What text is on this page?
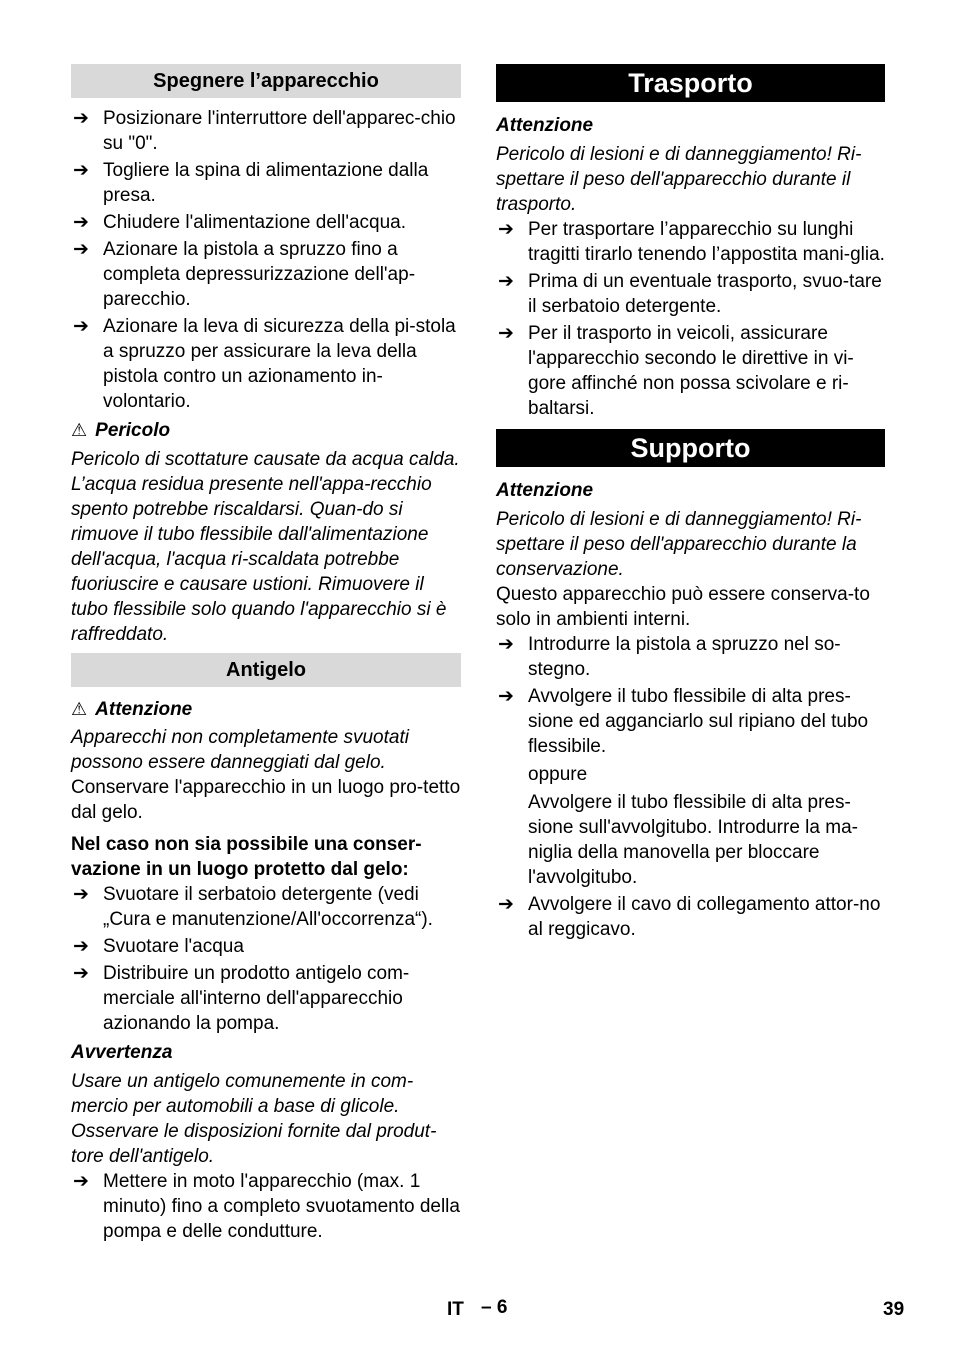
Spegnere l’apparecchio
➔ Posizionare l'interruttore dell'apparec-chio su "0".
➔ Togliere la spina di alimentazione dalla presa.
➔ Chiudere l'alimentazione dell'acqua.
➔ Azionare la pistola a spruzzo fino a completa depressurizzazione dell'ap-parecchio.
➔ Azionare la leva di sicurezza della pi-stola a spruzzo per assicurare la leva della pistola contro un azionamento in-volontario.

⚠ Pericolo

Pericolo di scottature causate da acqua calda. L’acqua residua presente nell'appa-recchio spento potrebbe riscaldarsi. Quan-do si rimuove il tubo flessibile dall'alimentazione dell'acqua, l'acqua ri-scaldata potrebbe fuoriuscire e causare ustioni. Rimuovere il tubo flessibile solo quando l'apparecchio si è raffreddato.

Antigelo

⚠ Attenzione

Apparecchi non completamente svuotati possono essere danneggiati dal gelo.

Conservare l'apparecchio in un luogo pro-tetto dal gelo.

Nel caso non sia possibile una conser-vazione in un luogo protetto dal gelo:

➔ Svuotare il serbatoio detergente (vedi „Cura e manutenzione/All'occorrenza“).
➔ Svuotare l'acqua
➔ Distribuire un prodotto antigelo com-merciale all'interno dell'apparecchio azionando la pompa.

Avvertenza

Usare un antigelo comunemente in com-mercio per automobili a base di glicole. Osservare le disposizioni fornite dal produt-tore dell'antigelo.

➔ Mettere in moto l'apparecchio (max. 1 minuto) fino a completo svuotamento della pompa e delle condutture.
Trasporto

Attenzione

Pericolo di lesioni e di danneggiamento! Ri-spettare il peso dell'apparecchio durante il trasporto.

➔ Per trasportare l’apparecchio su lunghi tragitti tirarlo tenendo l’appostita mani-glia.
➔ Prima di un eventuale trasporto, svuo-tare il serbatoio detergente.
➔ Per il trasporto in veicoli, assicurare l'apparecchio secondo le direttive in vi-gore affinché non possa scivolare e ri-baltarsi.
Supporto

Attenzione

Pericolo di lesioni e di danneggiamento! Ri-spettare il peso dell'apparecchio durante la conservazione.

Questo apparecchio può essere conserva-to solo in ambienti interni.

➔ Introdurre la pistola a spruzzo nel so-stegno.
➔ Avvolgere il tubo flessibile di alta pres-sione ed agganciarlo sul ripiano del tubo flessibile.

oppure

Avvolgere il tubo flessibile di alta pres-sione sull'avvolgitubo. Introdurre la ma-niglia della manovella per bloccare l'avvolgitubo.

➔ Avvolgere il cavo di collegamento attor-no al reggicavo.
IT – 6	39
